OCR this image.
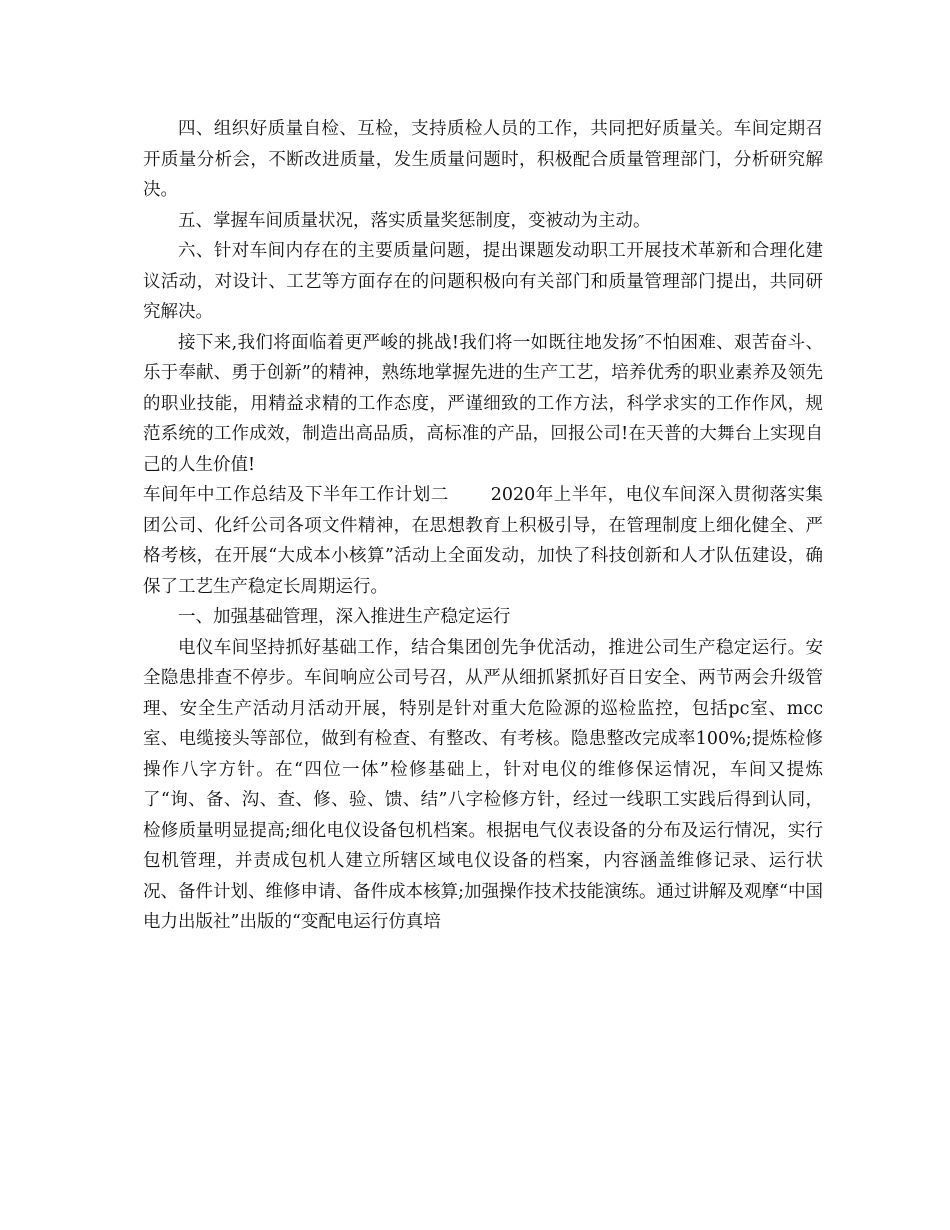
四、组织好质量自检、互检，支持质检人员的工作，共同把好质量关。车间定期召开质量分析会，不断改进质量，发生质量问题时，积极配合质量管理部门，分析研究解决。

五、掌握车间质量状况，落实质量奖惩制度，变被动为主动。

六、针对车间内存在的主要质量问题，提出课题发动职工开展技术革新和合理化建议活动，对设计、工艺等方面存在的问题积极向有关部门和质量管理部门提出，共同研究解决。

接下来,我们将面临着更严峻的挑战!我们将一如既往地发扬″不怕困难、艰苦奋斗、乐于奉献、勇于创新”的精神，熟练地掌握先进的生产工艺，培养优秀的职业素养及领先的职业技能，用精益求精的工作态度，严谨细致的工作方法，科学求实的工作作风，规范系统的工作成效，制造出高品质，高标准的产品，回报公司!在天普的大舞台上实现自己的人生价值!

车间年中工作总结及下半年工作计划二　　 2020年上半年，电仪车间深入贯彻落实集团公司、化纤公司各项文件精神，在思想教育上积极引导，在管理制度上细化健全、严格考核，在开展“大成本小核算”活动上全面发动，加快了科技创新和人才队伍建设，确保了工艺生产稳定长周期运行。

一、加强基础管理，深入推进生产稳定运行

电仪车间坚持抓好基础工作，结合集团创先争优活动，推进公司生产稳定运行。安全隐患排查不停步。车间响应公司号召，从严从细抓紧抓好百日安全、两节两会升级管理、安全生产活动月活动开展，特别是针对重大危险源的巡检监控，包括pc室、mcc室、电缆接头等部位，做到有检查、有整改、有考核。隐患整改完成率100%;提炼检修操作八字方针。在“四位一体”检修基础上，针对电仪的维修保运情况，车间又提炼了“询、备、沟、查、修、验、馈、结”八字检修方针，经过一线职工实践后得到认同，检修质量明显提高;细化电仪设备包机档案。根据电气仪表设备的分布及运行情况，实行包机管理，并责成包机人建立所辖区域电仪设备的档案，内容涵盖维修记录、运行状况、备件计划、维修申请、备件成本核算;加强操作技术技能演练。通过讲解及观摩“中国电力出版社”出版的“变配电运行仿真培
